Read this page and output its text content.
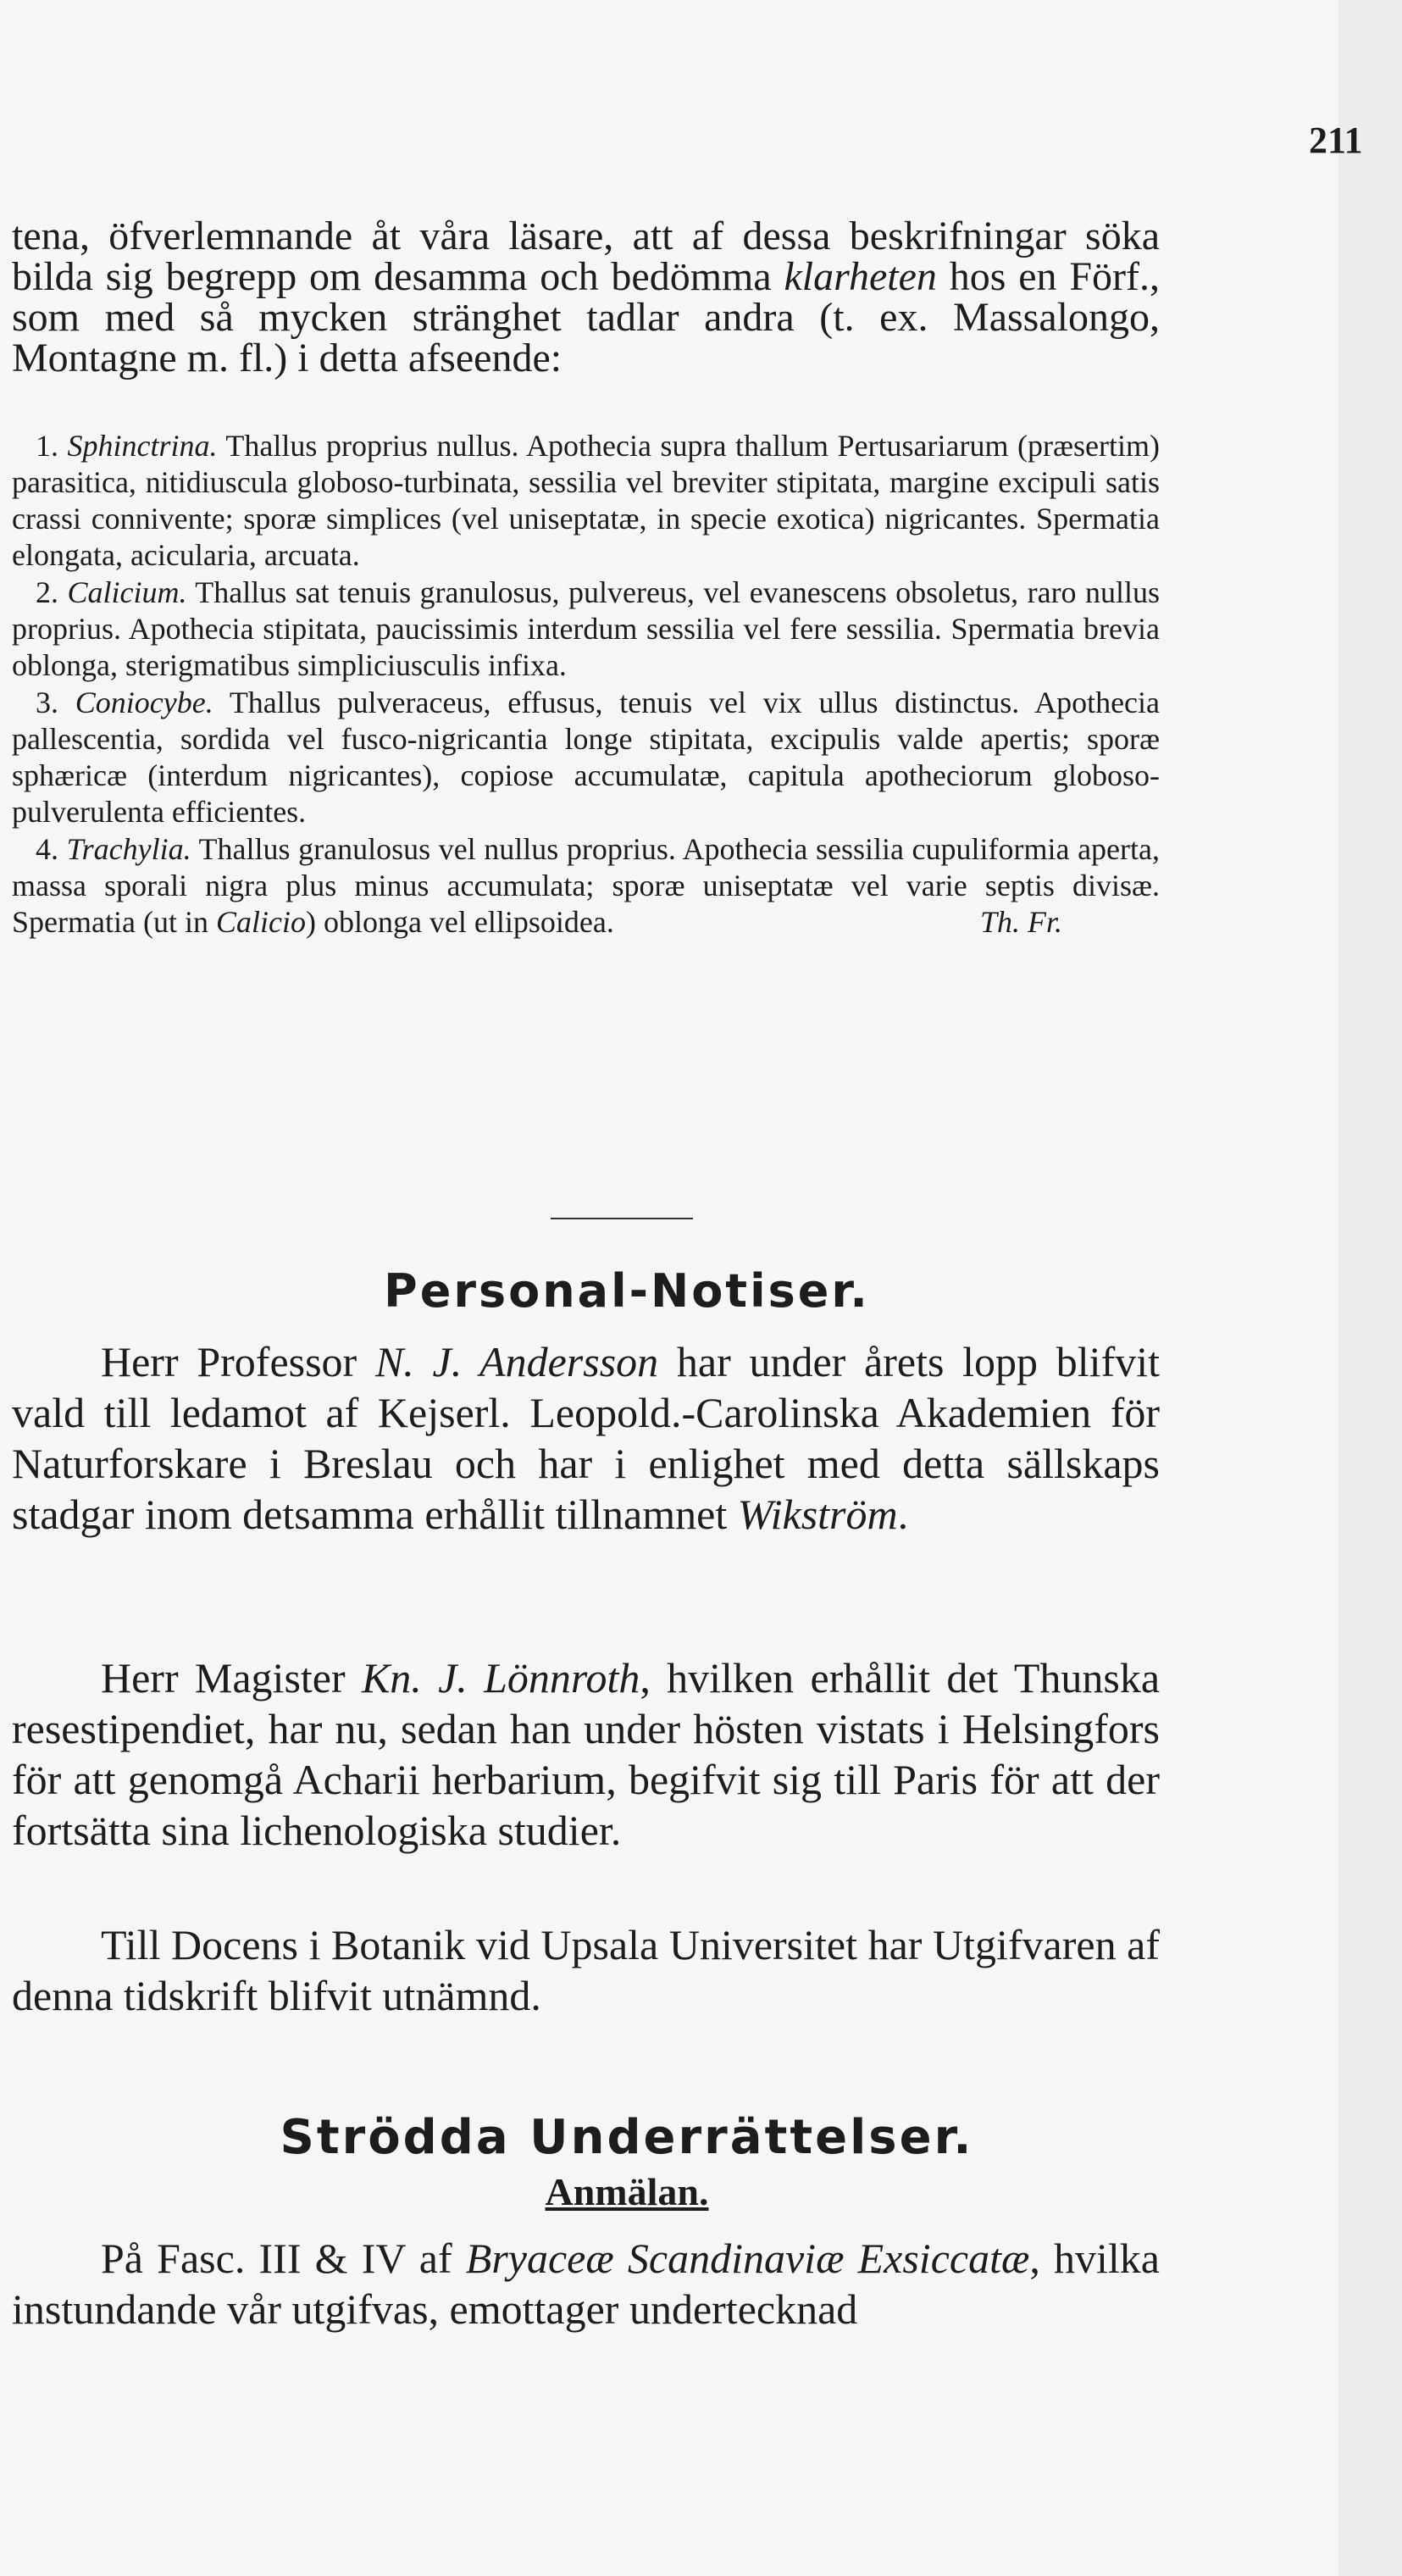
211
tena, öfverlemnande åt våra läsare, att af dessa beskrifningar söka bilda sig begrepp om desamma och bedömma klarheten hos en Förf., som med så mycken stränghet tadlar andra (t. ex. Massalongo, Montagne m. fl.) i detta afseende:

1. Sphinctrina. Thallus proprius nullus. Apothecia supra thallum Pertusariarum (præsertim) parasitica, nitidiuscula globoso-turbinata, sessilia vel breviter stipitata, margine excipuli satis crassi connivente; sporæ simplices (vel uniseptatæ, in specie exotica) nigricantes. Spermatia elongata, acicularia, arcuata.

2. Calicium. Thallus sat tenuis granulosus, pulvereus, vel evanescens obsoletus, raro nullus proprius. Apothecia stipitata, paucissimis interdum sessilia vel fere sessilia. Spermatia brevia oblonga, sterigmatibus simpliciusculis infixa.

3. Coniocybe. Thallus pulveraceus, effusus, tenuis vel vix ullus distinctus. Apothecia pallescentia, sordida vel fusco-nigricantia longe stipitata, excipulis valde apertis; sporæ sphæricæ (interdum nigricantes), copiose accumulatæ, capitula apotheciorum globoso-pulverulenta efficientes.

4. Trachylia. Thallus granulosus vel nullus proprius. Apothecia sessilia cupuliformia aperta, massa sporali nigra plus minus accumulata; sporæ uniseptatæ vel varie septis divisæ. Spermatia (ut in Calicio) oblonga vel ellipsoidea.	Th. Fr.

Personal-Notiser.

Herr Professor N. J. Andersson har under årets lopp blifvit vald till ledamot af Kejserl. Leopold.-Carolinska Akademien för Naturforskare i Breslau och har i enlighet med detta sällskaps stadgar inom detsamma erhållit tillnamnet Wikström.

Herr Magister Kn. J. Lönnroth, hvilken erhållit det Thunska resestipendiet, har nu, sedan han under hösten vistats i Helsingfors för att genomgå Acharii herbarium, begifvit sig till Paris för att der fortsätta sina lichenologiska studier.

Till Docens i Botanik vid Upsala Universitet har Utgifvaren af denna tidskrift blifvit utnämnd.

Strödda Underrättelser.
Anmälan.

På Fasc. III & IV af Bryaceæ Scandinaviæ Exsiccatæ, hvilka instundande vår utgifvas, emottager undertecknad
